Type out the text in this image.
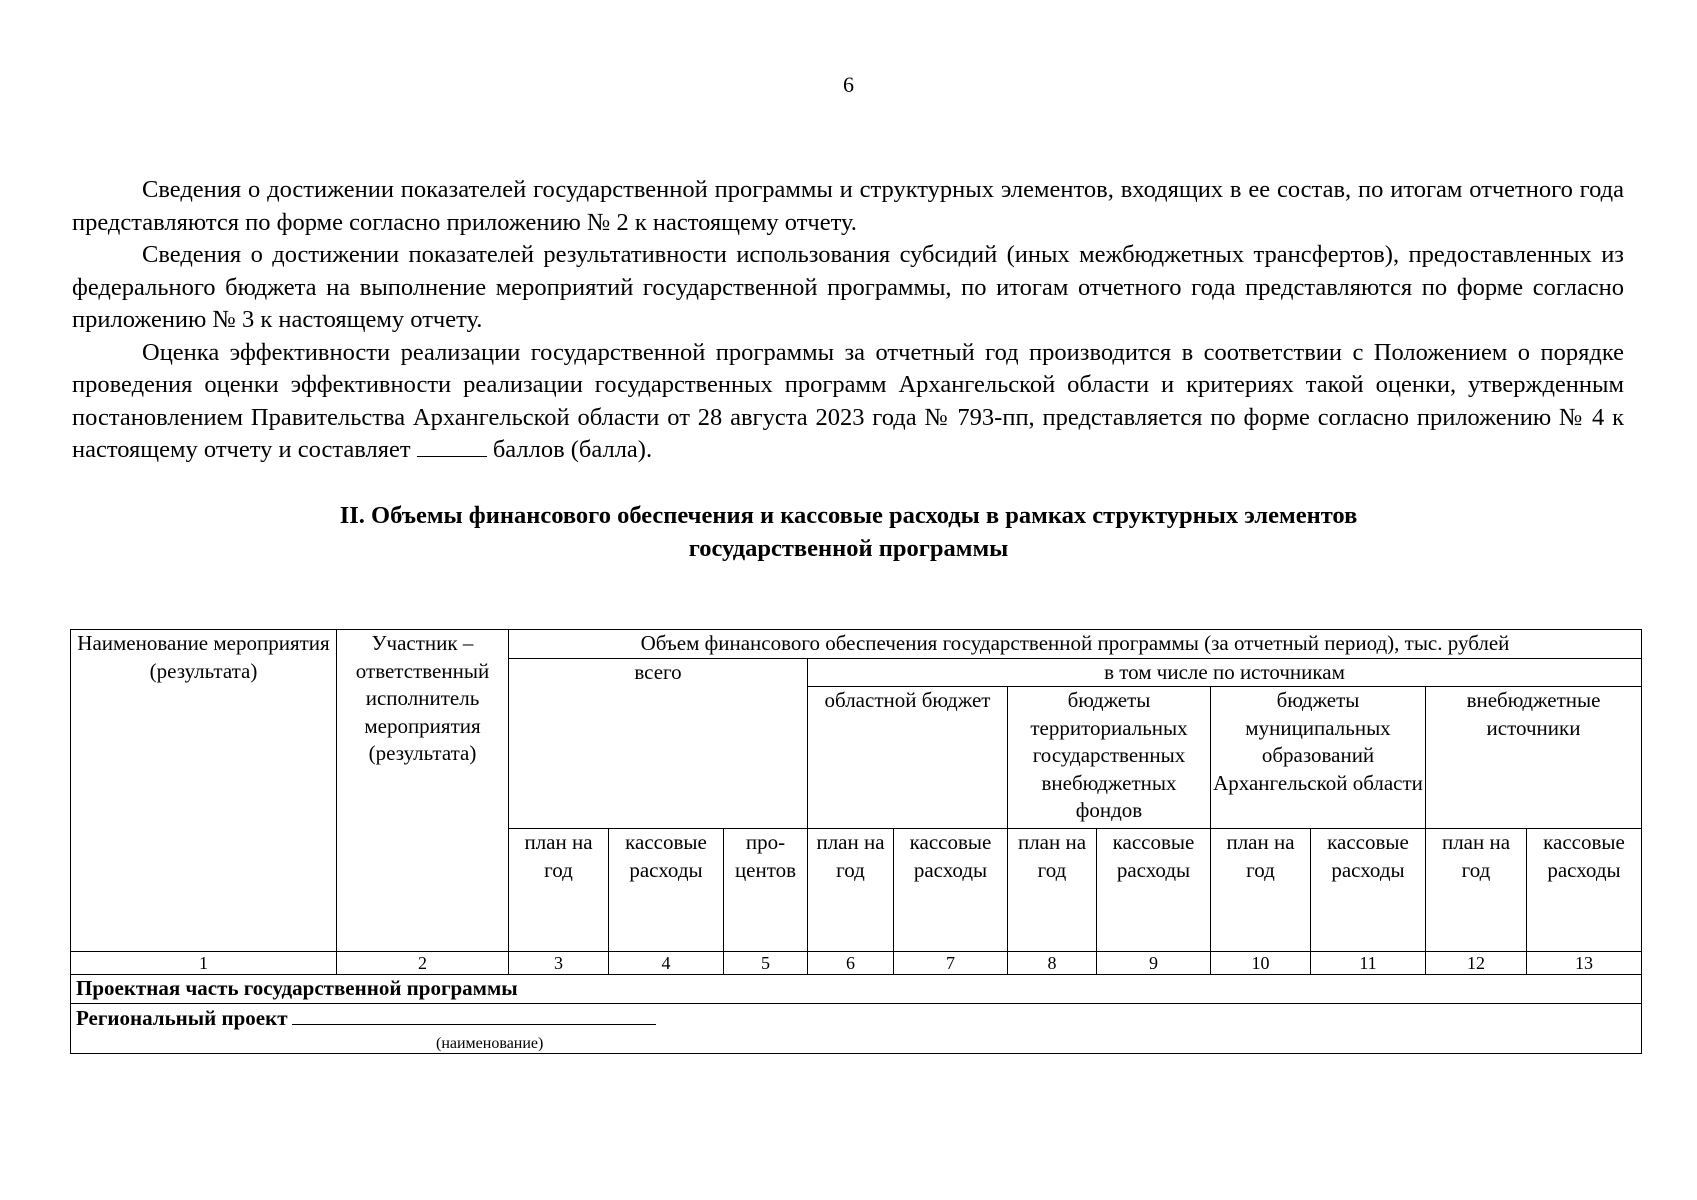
6

Сведения о достижении показателей государственной программы и структурных элементов, входящих в ее состав, по итогам отчетного года представляются по форме согласно приложению № 2 к настоящему отчету.

Сведения о достижении показателей результативности использования субсидий (иных межбюджетных трансфертов), предоставленных из федерального бюджета на выполнение мероприятий государственной программы, по итогам отчетного года представляются по форме согласно приложению № 3 к настоящему отчету.

Оценка эффективности реализации государственной программы за отчетный год производится в соответствии с Положением о порядке проведения оценки эффективности реализации государственных программ Архангельской области и критериях такой оценки, утвержденным постановлением Правительства Архангельской области от 28 августа 2023 года № 793-пп, представляется по форме согласно приложению № 4 к настоящему отчету и составляет	баллов (балла).

II. Объемы финансового обеспечения и кассовые расходы в рамках структурных элементов
государственной программы
Наименование мероприятия (результата)	Участник – ответственный исполнитель мероприятия (результата)	Объем финансового обеспечения государственной программы (за отчетный период), тыс. рублей										
		всего			в том числе по источникам							
					областной бюджет		бюджеты территориальных государственных внебюджетных фондов		бюджеты муниципальных образований Архангельской области		внебюджетные источники	
		план на год	кассовые расходы	про-центов	план на год	кассовые расходы	план на год	кассовые расходы	план на год	кассовые расходы	план на год	кассовые расходы
1	2	3	4	5	6	7	8	9	10	11	12	13
Проектная часть государственной программы												
Региональный проект
(наименование)												
